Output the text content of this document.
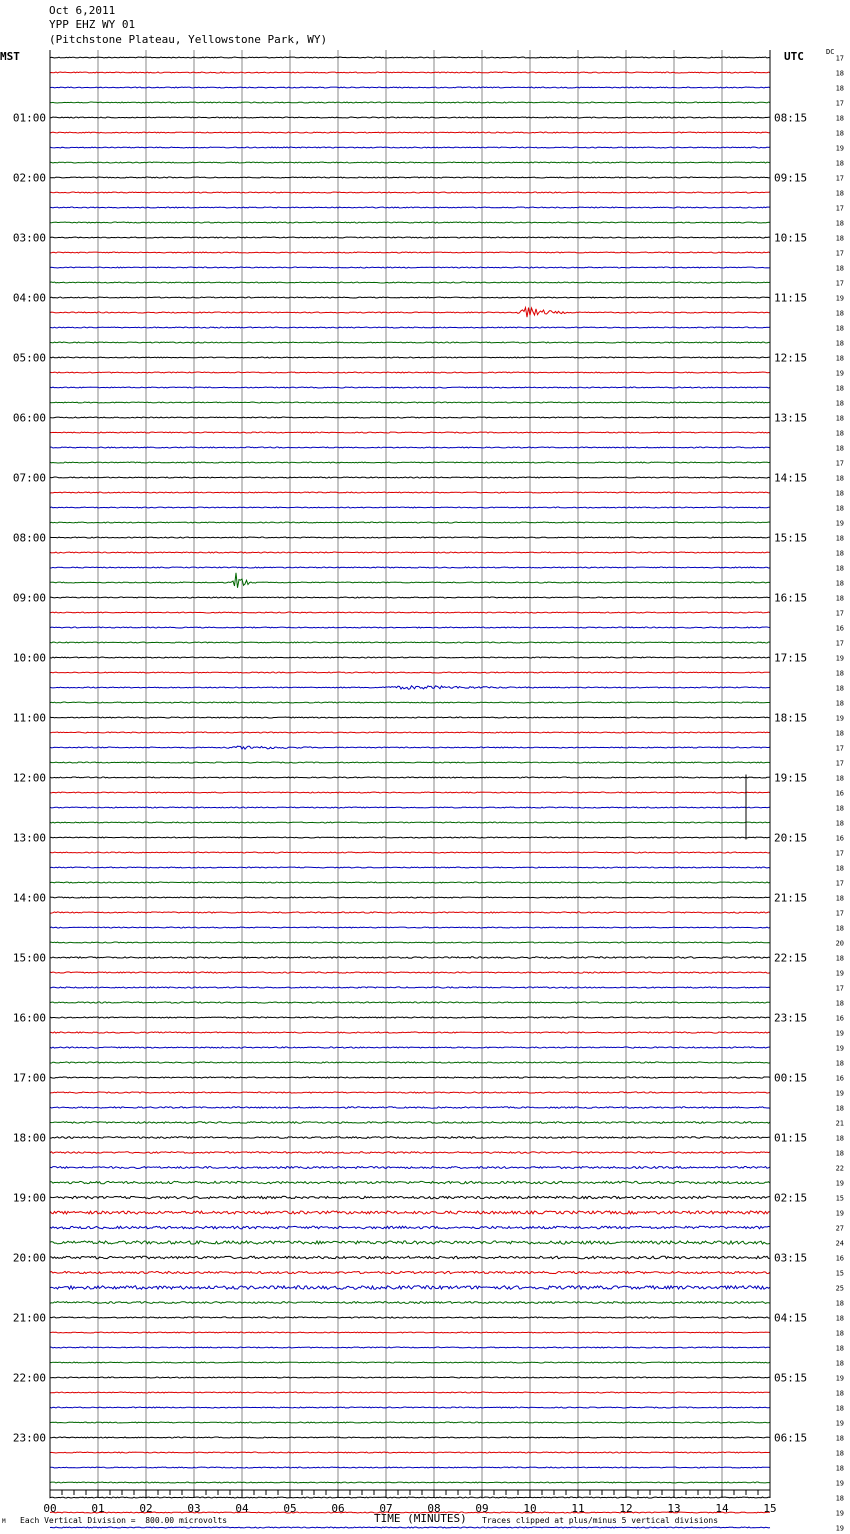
Oct 6,2011
YPP EHZ WY 01
(Pitchstone Plateau, Yellowstone Park, WY)
MST	UTC	DC
01:00	08:15
02:00	09:15
03:00	10:15
04:00	11:15
05:00	12:15
06:00	13:15
07:00	14:15
08:00	15:15
09:00	16:15
10:00	17:15
11:00	18:15
12:00	19:15
13:00	20:15
14:00	21:15
15:00	22:15
16:00	23:15
17:00	00:15
18:00	01:15
19:00	02:15
20:00	03:15
21:00	04:15
22:00	05:15
23:00	06:15
17
18
18
17
18
18
19
18
17
18
17
18
18
17
18
17
19
18
18
18
18
19
18
18
18
18
18
17
18
18
18
19
18
18
18
18
18
17
16
17
19
18
18
18
19
18
17
17
18
16
18
18
16
17
18
17
18
17
18
20
18
19
17
18
16
19
19
18
16
19
18
21
18
18
22
19
15
19
27
24
16
15
25
18
18
18
18
18
19
18
18
19
18
18
18
19
18
19
19
00	01	02	03	04	05	06	07	08	09	10	11	12	13	14	15
M Each Vertical Division =  800.00 microvolts	TIME (MINUTES) Traces clipped at plus/minus 5 vertical divisions
